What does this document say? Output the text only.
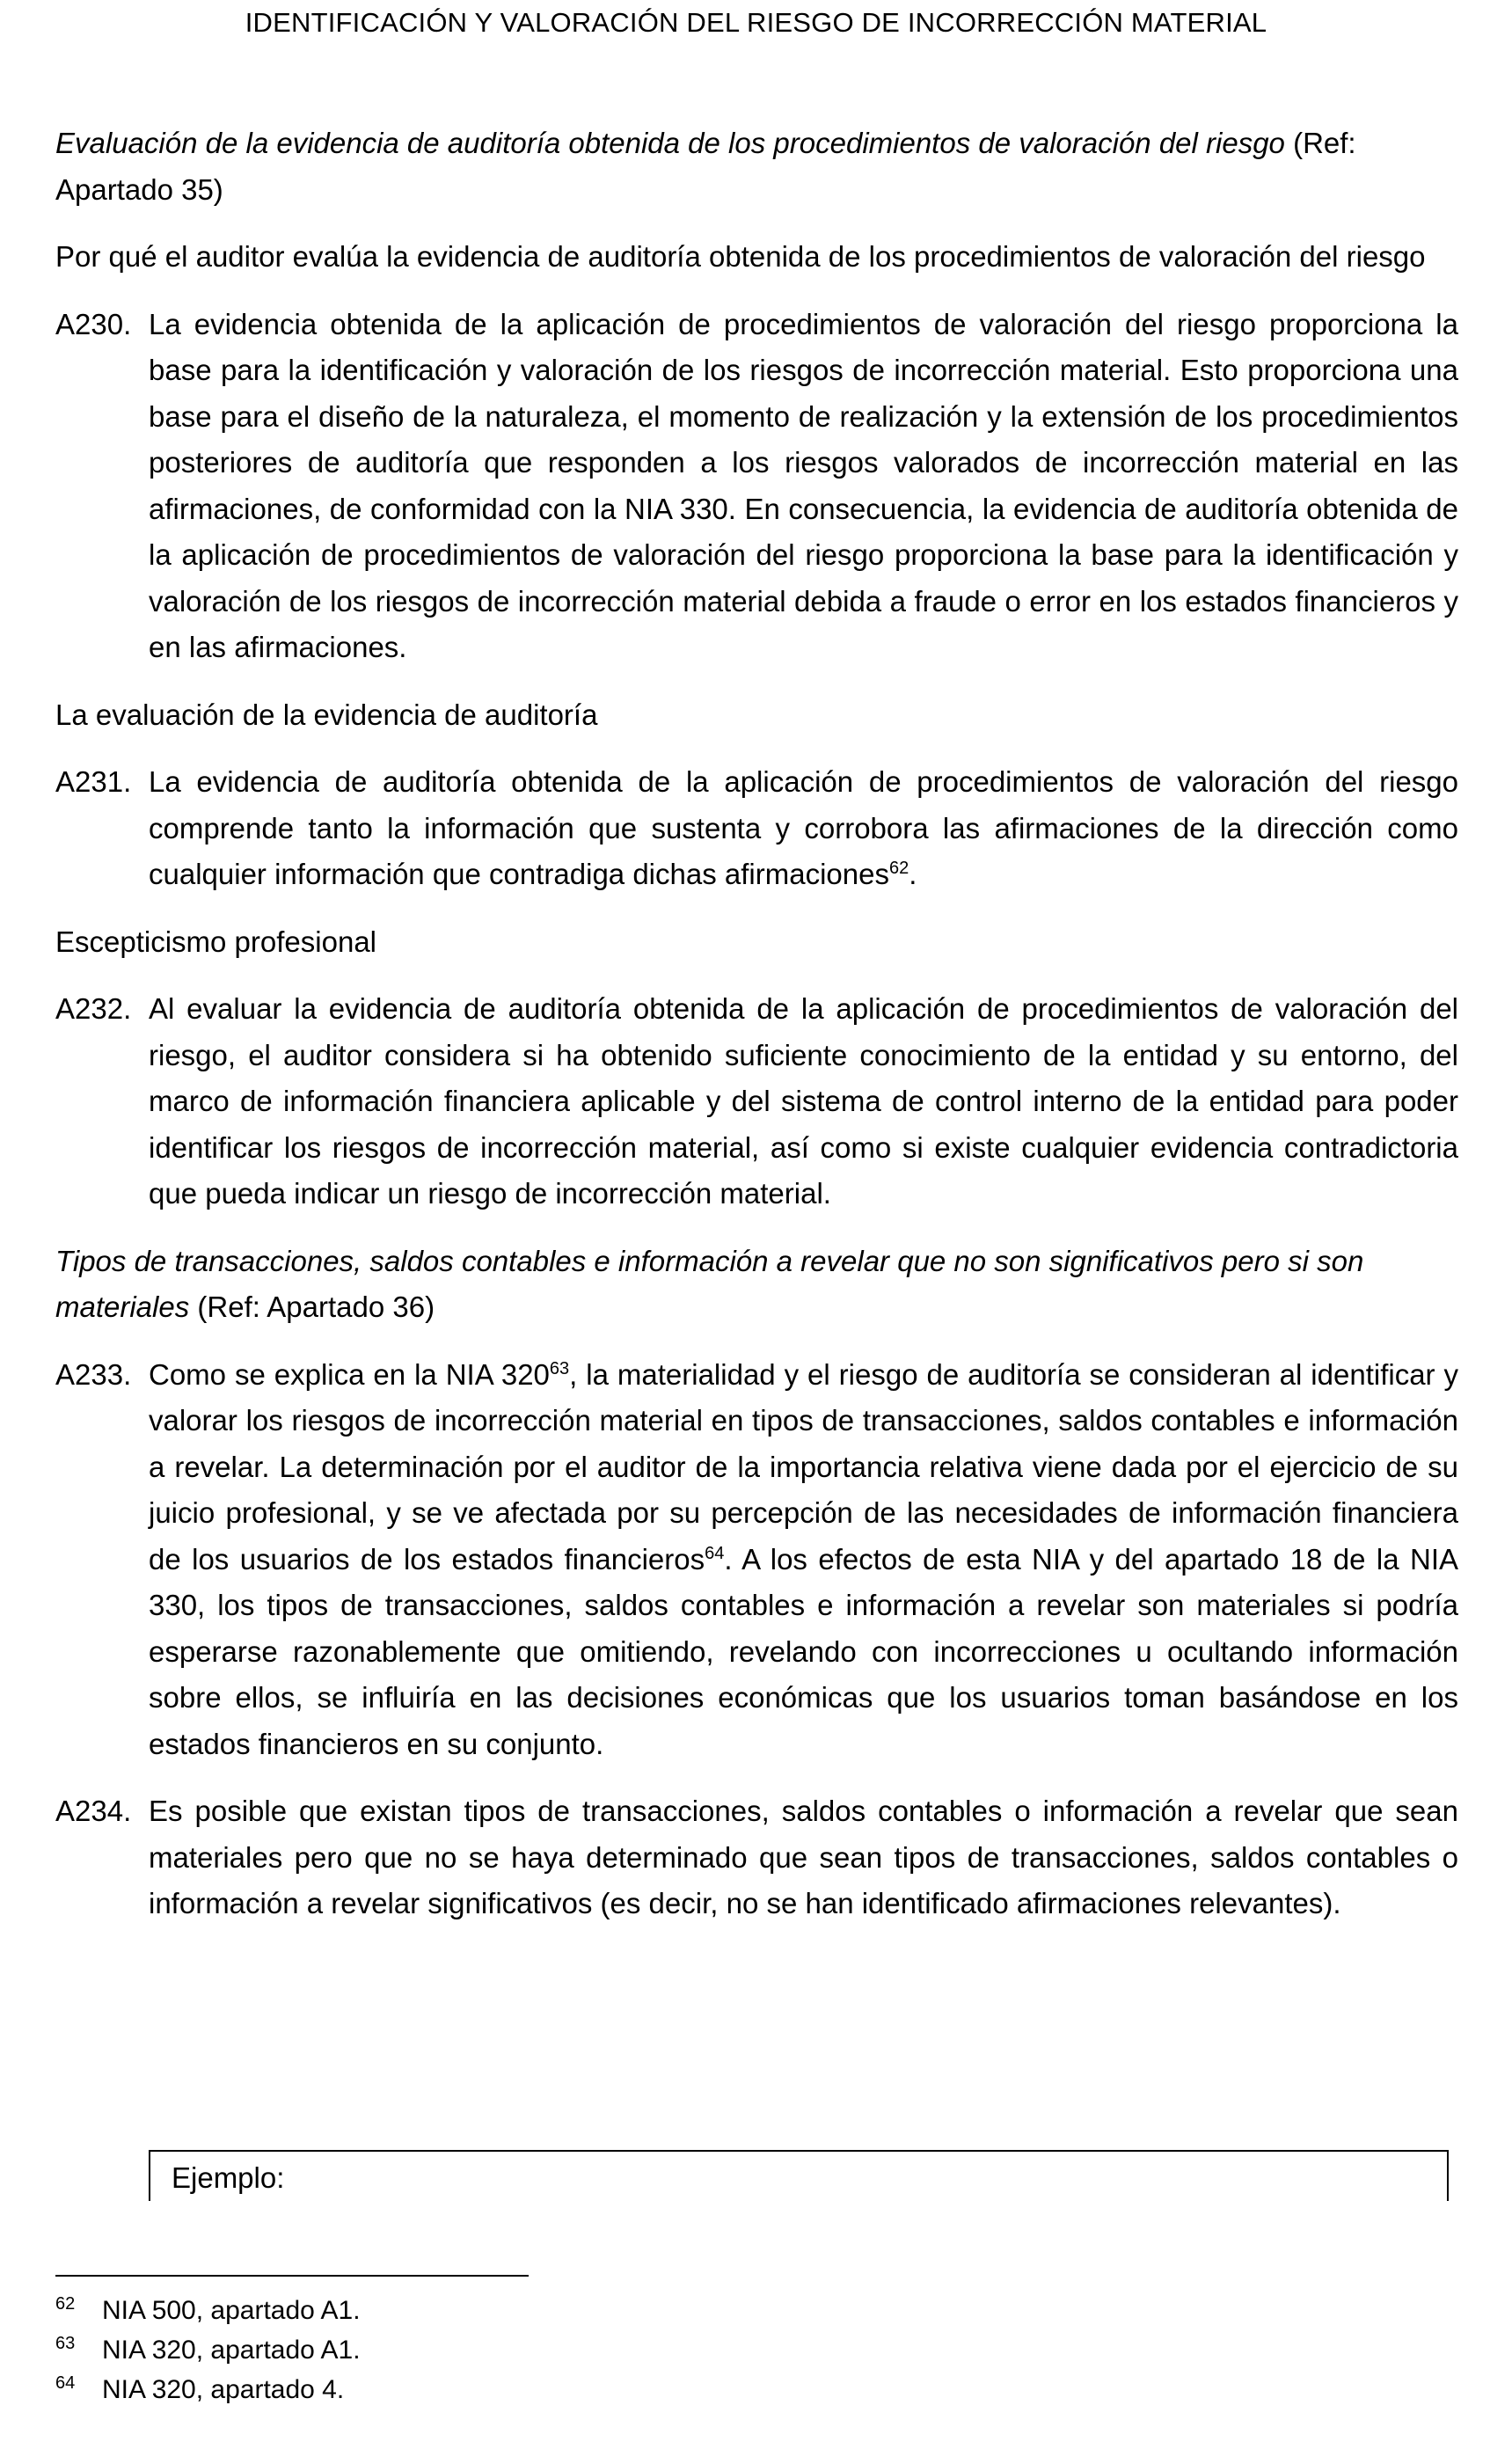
IDENTIFICACIÓN Y VALORACIÓN DEL RIESGO DE INCORRECCIÓN MATERIAL

Evaluación de la evidencia de auditoría obtenida de los procedimientos de valoración del riesgo (Ref: Apartado 35)

Por qué el auditor evalúa la evidencia de auditoría obtenida de los procedimientos de valoración del riesgo

A230. La evidencia obtenida de la aplicación de procedimientos de valoración del riesgo proporciona la base para la identificación y valoración de los riesgos de incorrección material. Esto proporciona una base para el diseño de la naturaleza, el momento de realización y la extensión de los procedimientos posteriores de auditoría que responden a los riesgos valorados de incorrección material en las afirmaciones, de conformidad con la NIA 330. En consecuencia, la evidencia de auditoría obtenida de la aplicación de procedimientos de valoración del riesgo proporciona la base para la identificación y valoración de los riesgos de incorrección material debida a fraude o error en los estados financieros y en las afirmaciones.

La evaluación de la evidencia de auditoría

A231. La evidencia de auditoría obtenida de la aplicación de procedimientos de valoración del riesgo comprende tanto la información que sustenta y corrobora las afirmaciones de la dirección como cualquier información que contradiga dichas afirmaciones$^{62}$.

Escepticismo profesional

A232. Al evaluar la evidencia de auditoría obtenida de la aplicación de procedimientos de valoración del riesgo, el auditor considera si ha obtenido suficiente conocimiento de la entidad y su entorno, del marco de información financiera aplicable y del sistema de control interno de la entidad para poder identificar los riesgos de incorrección material, así como si existe cualquier evidencia contradictoria que pueda indicar un riesgo de incorrección material.

Tipos de transacciones, saldos contables e información a revelar que no son significativos pero si son materiales (Ref: Apartado 36)

A233. Como se explica en la NIA $320^{63}$, la materialidad y el riesgo de auditoría se consideran al identificar y valorar los riesgos de incorrección material en tipos de transacciones, saldos contables e información a revelar. La determinación por el auditor de la importancia relativa viene dada por el ejercicio de su juicio profesional, y se ve afectada por su percepción de las necesidades de información financiera de los usuarios de los estados financieros$^{64}$. A los efectos de esta NIA y del apartado 18 de la NIA 330, los tipos de transacciones, saldos contables e información a revelar son materiales si podría esperarse razonablemente que omitiendo, revelando con incorrecciones u ocultando información sobre ellos, se influiría en las decisiones económicas que los usuarios toman basándose en los estados financieros en su conjunto.
A234. Es posible que existan tipos de transacciones, saldos contables o información a revelar que sean materiales pero que no se haya determinado que sean tipos de transacciones, saldos contables o información a revelar significativos (es decir, no se han identificado afirmaciones relevantes).
Ejemplo:
62	NIA 500, apartado A1.
63	NIA 320, apartado A1.
64	NIA 320, apartado 4.
